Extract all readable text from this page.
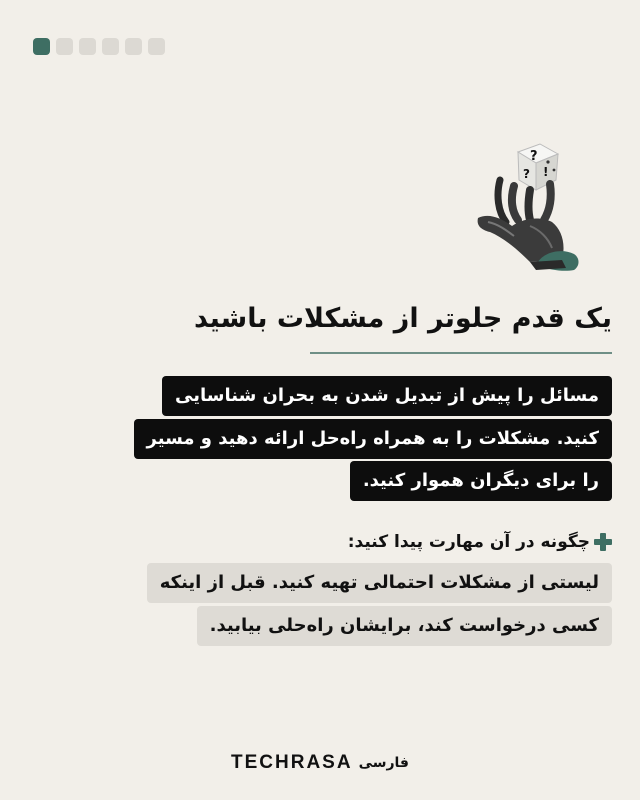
?
? !
یک قدم جلوتر از مشکلات باشید
مسائل را پیش از تبدیل شدن به بحران شناسایی
کنید. مشکلات را به همراه راه‌حل ارائه دهید و مسیر
را برای دیگران هموار کنید.
چگونه در آن مهارت پیدا کنید:
لیستی از مشکلات احتمالی تهیه کنید. قبل از اینکه
کسی درخواست کند، برایشان راه‌حلی بیابید.
TECHRASA فارسی
